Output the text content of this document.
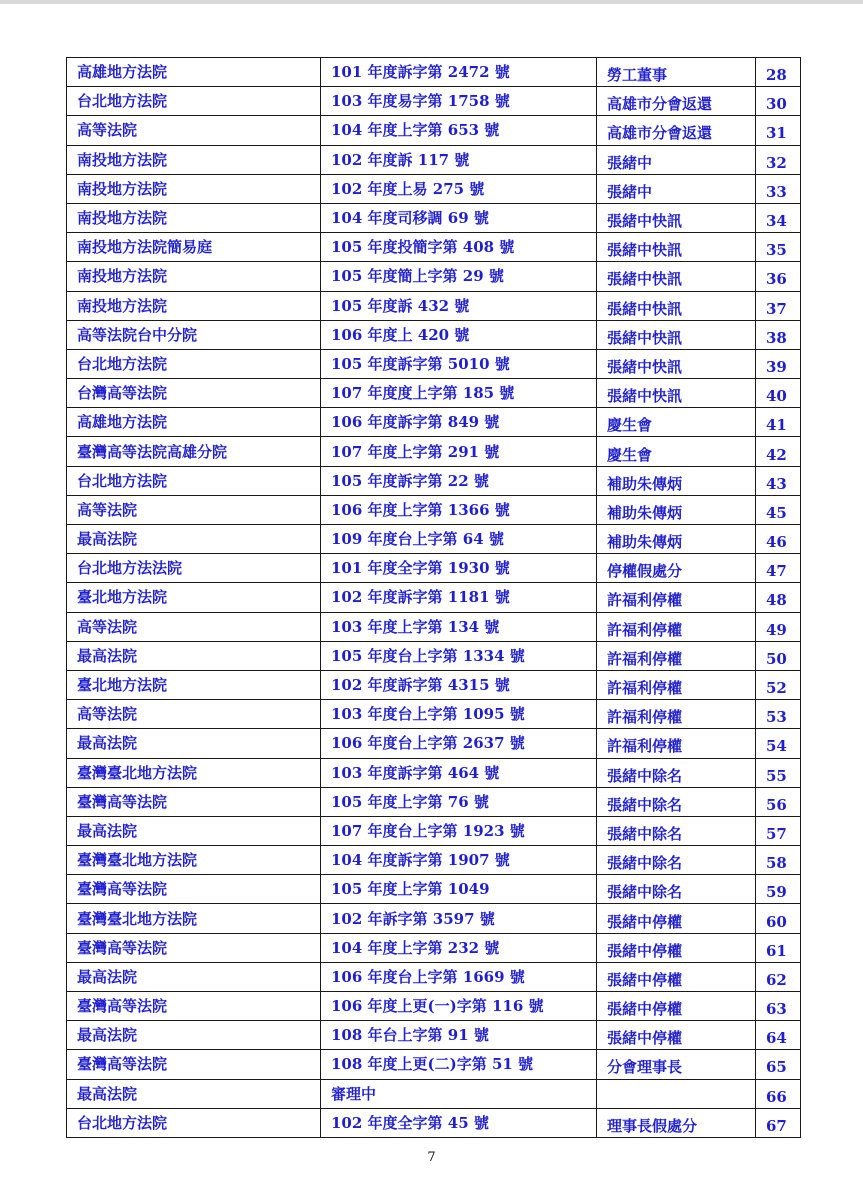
高雄地方法院	101 年度訴字第 2472 號	勞工董事	28
台北地方法院	103 年度易字第 1758 號	高雄市分會返還	30
高等法院	104 年度上字第 653 號	高雄市分會返還	31
南投地方法院	102 年度訴 117 號	張緒中	32
南投地方法院	102 年度上易 275 號	張緒中	33
南投地方法院	104 年度司移調 69 號	張緒中快訊	34
南投地方法院簡易庭	105 年度投簡字第 408 號	張緒中快訊	35
南投地方法院	105 年度簡上字第 29 號	張緒中快訊	36
南投地方法院	105 年度訴 432 號	張緒中快訊	37
高等法院台中分院	106 年度上 420 號	張緒中快訊	38
台北地方法院	105 年度訴字第 5010 號	張緒中快訊	39
台灣高等法院	107 年度度上字第 185 號	張緒中快訊	40
高雄地方法院	106 年度訴字第 849 號	慶生會	41
臺灣高等法院高雄分院	107 年度上字第 291 號	慶生會	42
台北地方法院	105 年度訴字第 22 號	補助朱傳炳	43
高等法院	106 年度上字第 1366 號	補助朱傳炳	45
最高法院	109 年度台上字第 64 號	補助朱傳炳	46
台北地方法法院	101 年度全字第 1930 號	停權假處分	47
臺北地方法院	102 年度訴字第 1181 號	許福利停權	48
高等法院	103 年度上字第 134 號	許福利停權	49
最高法院	105 年度台上字第 1334 號	許福利停權	50
臺北地方法院	102 年度訴字第 4315 號	許福利停權	52
高等法院	103 年度台上字第 1095 號	許福利停權	53
最高法院	106 年度台上字第 2637 號	許福利停權	54
臺灣臺北地方法院	103 年度訴字第 464 號	張緒中除名	55
臺灣高等法院	105 年度上字第 76 號	張緒中除名	56
最高法院	107 年度台上字第 1923 號	張緒中除名	57
臺灣臺北地方法院	104 年度訴字第 1907 號	張緒中除名	58
臺灣高等法院	105 年度上字第 1049	張緒中除名	59
臺灣臺北地方法院	102 年訴字第 3597 號	張緒中停權	60
臺灣高等法院	104 年度上字第 232 號	張緒中停權	61
最高法院	106 年度台上字第 1669 號	張緒中停權	62
臺灣高等法院	106 年度上更(一)字第 116 號	張緒中停權	63
最高法院	108 年台上字第 91 號	張緒中停權	64
臺灣高等法院	108 年度上更(二)字第 51 號	分會理事長	65
最高法院	審理中		66
台北地方法院	102 年度全字第 45 號	理事長假處分	67
7
